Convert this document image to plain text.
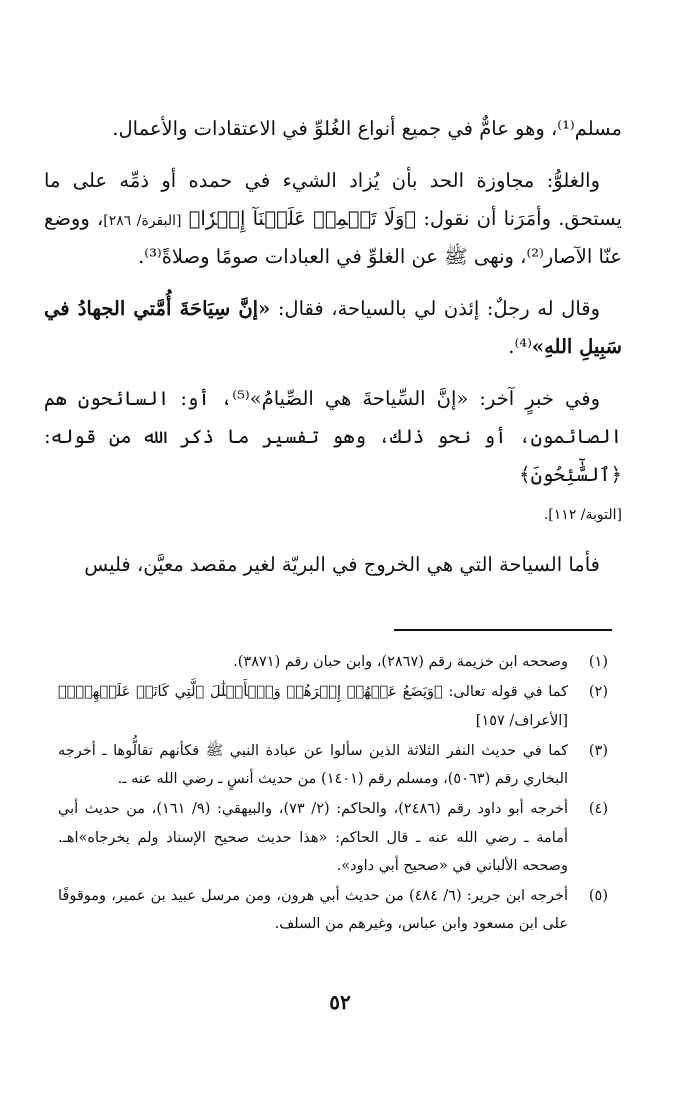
مسلم⁽¹⁾، وهو عامٌّ في جميع أنواع الغُلوِّ في الاعتقادات والأعمال.

والغلوُّ: مجاوزة الحد بأن يُزاد الشيء في حمده أو ذمِّه على ما يستحق. وأمَرَنا أن نقول: ﴿وَلَا تَحۡمِلۡ عَلَيۡنَآ إِصۡرٗا﴾ [البقرة/ ٢٨٦]، ووضع عنّا الآصار⁽²⁾، ونهى ﷺ عن الغلوِّ في العبادات صومًا وصلاةً⁽³⁾.

وقال له رجلٌ: إئذن لي بالسياحة، فقال: «إنَّ سِيَاحَةَ أُمَّتي الجهادُ في سَبِيلِ اللهِ»⁽⁴⁾.

وفي خبرٍ آخر: «إنَّ السِّياحةَ هي الصِّيامُ»⁽⁵⁾، أو: السائحون هم الصائمون، أو نحو ذلك، وهو تفسير ما ذكر الله من قوله: ﴿ٱلسَّٰٓئِحُونَ﴾
[التوبة/ ١١٢].

فأما السياحة التي هي الخروج في البريّة لغير مقصد معيَّن، فليس

(١)
وصححه ابن خزيمة رقم (٢٨٦٧)، وابن حبان رقم (٣٨٧١).
(٢)
كما في قوله تعالى: ﴿وَيَضَعُ عَنۡهُمۡ إِصۡرَهُمۡ وَٱلۡأَغۡلَٰلَ ٱلَّتِي كَانَتۡ عَلَيۡهِمۡۚ﴾ [الأعراف/ ١٥٧]
(٣)
كما في حديث النفر الثلاثة الذين سألوا عن عبادة النبي ﷺ فكأنهم تقالُّوها ـ أخرجه البخاري رقم (٥٠٦٣)، ومسلم رقم (١٤٠١) من حديث أنسٍ ـ رضي الله عنه ـ.
(٤)
أخرجه أبو داود رقم (٢٤٨٦)، والحاكم: (٢/ ٧٣)، والبيهقي: (٩/ ١٦١)، من حديث أبي أمامة ـ رضي الله عنه ـ قال الحاكم: «هذا حديث صحيح الإسناد ولم يخرجاه»اهـ. وصححه الألباني في «صحيح أبي داود».
(٥)
أخرجه ابن جرير: (٦/ ٤٨٤) من حديث أبي هرون، ومن مرسل عبيد بن عمير، وموقوفًا على ابن مسعود وابن عباس، وغيرهم من السلف.
٥٢
